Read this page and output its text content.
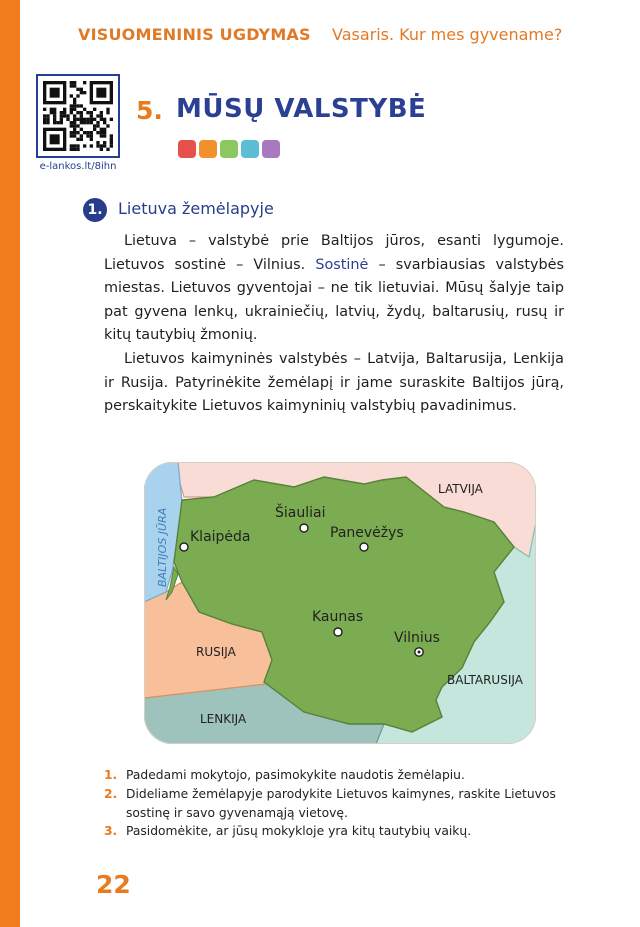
VISUOMENINIS UGDYMAS Vasaris. Kur mes gyvename?
e-lankos.lt/8ihn
5. MŪSŲ VALSTYBĖ
1. Lietuva žemėlapyje

Lietuva – valstybė prie Baltijos jūros, esanti lygumoje. Lietuvos sostinė – Vilnius. Sostinė – svarbiausias valstybės miestas. Lietuvos gyventojai – ne tik lietuviai. Mūsų šalyje taip pat gyvena lenkų, ukrainiečių, latvių, žydų, baltarusių, rusų ir kitų tautybių žmonių.

Lietuvos kaimyninės valstybės – Latvija, Baltarusija, Lenkija ir Rusija. Patyrinėkite žemėlapį ir jame suraskite Baltijos jūrą, perskaitykite Lietuvos kaimyninių valstybių pavadinimus.

LATVIJA
BALTARUSIJA
RUSIJA
LENKIJA
BALTIJOS JŪRA Klaipėda
Šiauliai
Panevėžys
Kaunas
Vilnius
1. Padedami mokytojo, pasimokykite naudotis žemėlapiu.
2. Dideliame žemėlapyje parodykite Lietuvos kaimynes, raskite Lietuvos sostinę ir savo gyvenamąją vietovę.
3. Pasidomėkite, ar jūsų mokykloje yra kitų tautybių vaikų.
22
